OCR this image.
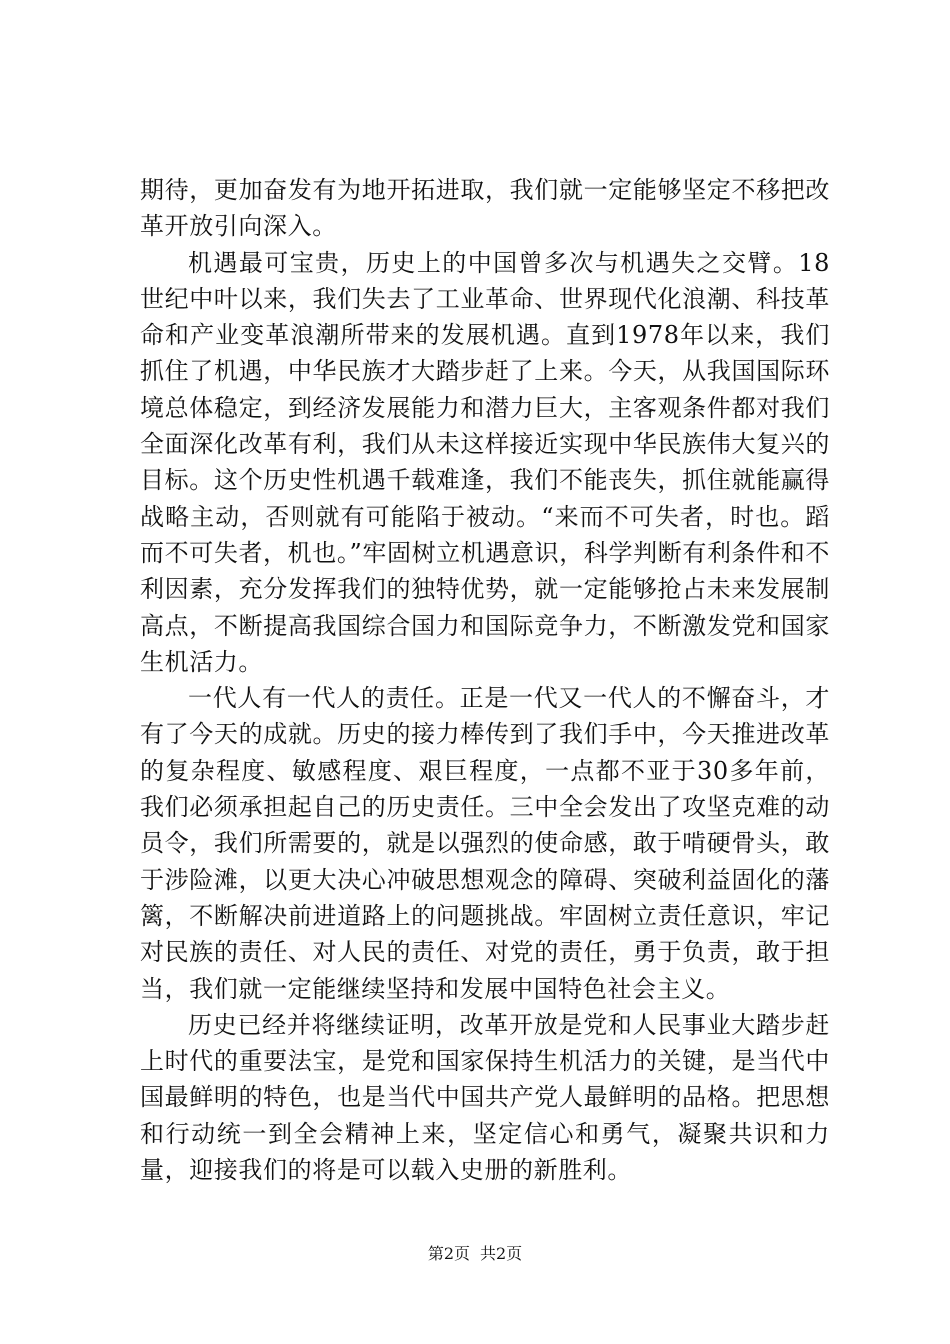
期待，更加奋发有为地开拓进取，我们就一定能够坚定不移把改革开放引向深入。

机遇最可宝贵，历史上的中国曾多次与机遇失之交臂。18世纪中叶以来，我们失去了工业革命、世界现代化浪潮、科技革命和产业变革浪潮所带来的发展机遇。直到1978年以来，我们抓住了机遇，中华民族才大踏步赶了上来。今天，从我国国际环境总体稳定，到经济发展能力和潜力巨大，主客观条件都对我们全面深化改革有利，我们从未这样接近实现中华民族伟大复兴的目标。这个历史性机遇千载难逢，我们不能丧失，抓住就能赢得战略主动，否则就有可能陷于被动。“来而不可失者，时也。蹈而不可失者，机也。”牢固树立机遇意识，科学判断有利条件和不利因素，充分发挥我们的独特优势，就一定能够抢占未来发展制高点，不断提高我国综合国力和国际竞争力，不断激发党和国家生机活力。

一代人有一代人的责任。正是一代又一代人的不懈奋斗，才有了今天的成就。历史的接力棒传到了我们手中，今天推进改革的复杂程度、敏感程度、艰巨程度，一点都不亚于30多年前，我们必须承担起自己的历史责任。三中全会发出了攻坚克难的动员令，我们所需要的，就是以强烈的使命感，敢于啃硬骨头，敢于涉险滩，以更大决心冲破思想观念的障碍、突破利益固化的藩篱，不断解决前进道路上的问题挑战。牢固树立责任意识，牢记对民族的责任、对人民的责任、对党的责任，勇于负责，敢于担当，我们就一定能继续坚持和发展中国特色社会主义。

历史已经并将继续证明，改革开放是党和人民事业大踏步赶上时代的重要法宝，是党和国家保持生机活力的关键，是当代中国最鲜明的特色，也是当代中国共产党人最鲜明的品格。把思想和行动统一到全会精神上来，坚定信心和勇气，凝聚共识和力量，迎接我们的将是可以载入史册的新胜利。

第2页 共2页
